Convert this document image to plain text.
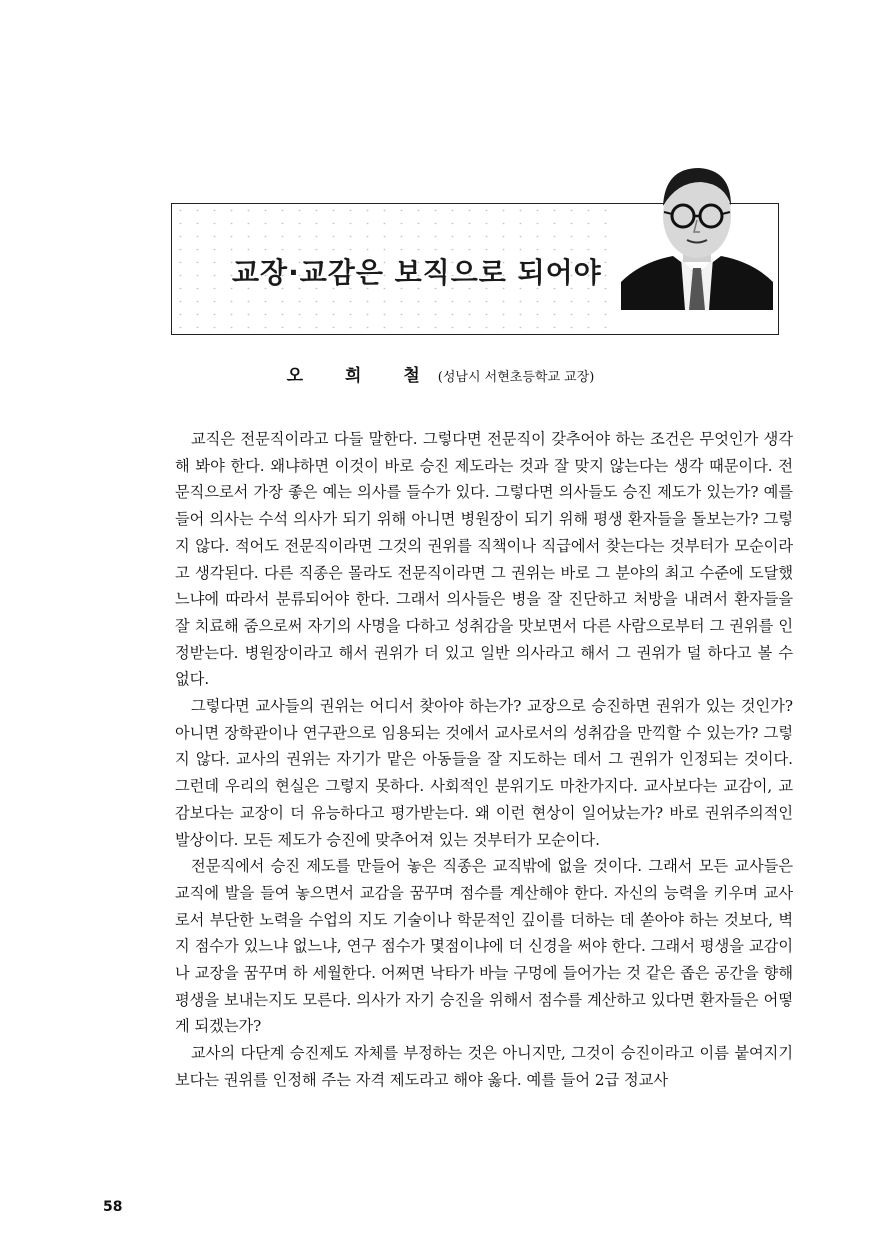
교장·교감은 보직으로 되어야
오 희 철(성남시 서현초등학교 교장)

교직은 전문직이라고 다들 말한다. 그렇다면 전문직이 갖추어야 하는 조건은 무엇인가 생각해 봐야 한다. 왜냐하면 이것이 바로 승진 제도라는 것과 잘 맞지 않는다는 생각 때문이다. 전문직으로서 가장 좋은 예는 의사를 들수가 있다. 그렇다면 의사들도 승진 제도가 있는가? 예를 들어 의사는 수석 의사가 되기 위해 아니면 병원장이 되기 위해 평생 환자들을 돌보는가? 그렇지 않다. 적어도 전문직이라면 그것의 권위를 직책이나 직급에서 찾는다는 것부터가 모순이라고 생각된다. 다른 직종은 몰라도 전문직이라면 그 권위는 바로 그 분야의 최고 수준에 도달했느냐에 따라서 분류되어야 한다. 그래서 의사들은 병을 잘 진단하고 처방을 내려서 환자들을 잘 치료해 줌으로써 자기의 사명을 다하고 성취감을 맛보면서 다른 사람으로부터 그 권위를 인정받는다. 병원장이라고 해서 권위가 더 있고 일반 의사라고 해서 그 권위가 덜 하다고 볼 수 없다.

그렇다면 교사들의 권위는 어디서 찾아야 하는가? 교장으로 승진하면 권위가 있는 것인가? 아니면 장학관이나 연구관으로 임용되는 것에서 교사로서의 성취감을 만끽할 수 있는가? 그렇지 않다. 교사의 권위는 자기가 맡은 아동들을 잘 지도하는 데서 그 권위가 인정되는 것이다. 그런데 우리의 현실은 그렇지 못하다. 사회적인 분위기도 마찬가지다. 교사보다는 교감이, 교감보다는 교장이 더 유능하다고 평가받는다. 왜 이런 현상이 일어났는가? 바로 권위주의적인 발상이다. 모든 제도가 승진에 맞추어져 있는 것부터가 모순이다.

전문직에서 승진 제도를 만들어 놓은 직종은 교직밖에 없을 것이다. 그래서 모든 교사들은 교직에 발을 들여 놓으면서 교감을 꿈꾸며 점수를 계산해야 한다. 자신의 능력을 키우며 교사로서 부단한 노력을 수업의 지도 기술이나 학문적인 깊이를 더하는 데 쏟아야 하는 것보다, 벽지 점수가 있느냐 없느냐, 연구 점수가 몇점이냐에 더 신경을 써야 한다. 그래서 평생을 교감이나 교장을 꿈꾸며 하 세월한다. 어쩌면 낙타가 바늘 구멍에 들어가는 것 같은 좁은 공간을 향해 평생을 보내는지도 모른다. 의사가 자기 승진을 위해서 점수를 계산하고 있다면 환자들은 어떻게 되겠는가?

교사의 다단계 승진제도 자체를 부정하는 것은 아니지만, 그것이 승진이라고 이름 붙여지기 보다는 권위를 인정해 주는 자격 제도라고 해야 옳다. 예를 들어 2급 정교사

58
